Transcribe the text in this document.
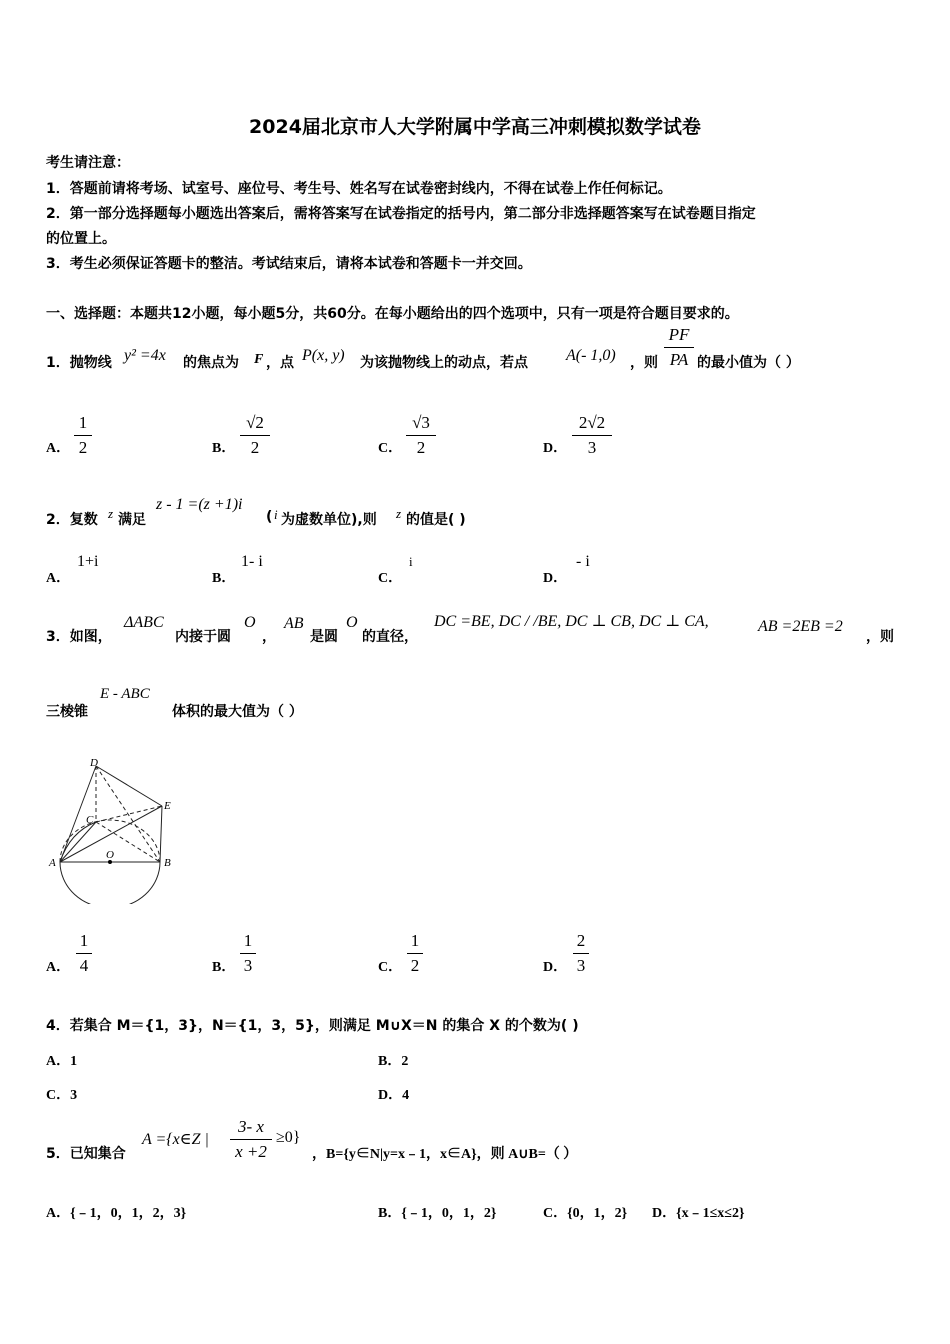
2024届北京市人大学附属中学高三冲刺模拟数学试卷
考生请注意：
1．答题前请将考场、试室号、座位号、考生号、姓名写在试卷密封线内，不得在试卷上作任何标记。
2．第一部分选择题每小题选出答案后，需将答案写在试卷指定的括号内，第二部分非选择题答案写在试卷题目指定
的位置上。
3．考生必须保证答题卡的整洁。考试结束后，请将本试卷和答题卡一并交回。
一、选择题：本题共12小题，每小题5分，共60分。在每小题给出的四个选项中，只有一项是符合题目要求的。
1．抛物线 y² =4x 的焦点为 F ，点 P(x, y) 为该抛物线上的动点，若点 A(- 1,0) ，则
PF
PA 的最小值为（ ）
A．
1
2	B．
√2
2	C．
√3
2	D．
2√2
3
2．复数 z 满足
z - 1 =(z +1)i
( i 为虚数单位),则 z 的值是( )
A．
1+i
B．
1- i
C．
i
D．
- i
3．如图，
ΔABC
内接于圆
O
，
AB
是圆
O
的直径，
DC =BE, DC / /BE, DC ⊥ CB, DC ⊥ CA,	AB =2EB =2
，则
三棱锥
E - ABC
体积的最大值为（ ）
D
E
C
A
O
B
A．
1
4	B．
1
3	C．
1
2	D．
2
3
4．若集合 M＝{1，3}，N＝{1，3，5}，则满足 M∪X＝N 的集合 X 的个数为( )
A．1	B．2
C．3	D．4
5．已知集合
A ={x∈Z |
3- x
x +2
≥0}
，B={y∈N|y=x﹣1，x∈A}，则 A∪B=（ ）
A．{﹣1，0，1，2，3}	B．{﹣1，0，1，2}	C．{0，1，2} D．{x﹣1≤x≤2}
